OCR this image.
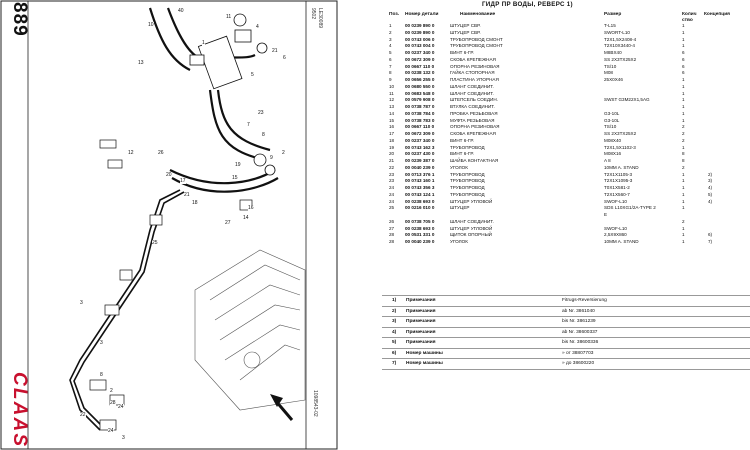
889	LE30089
9502
1098543-02
CLAAS
40
10
13
1
11
4
5
21
6
23
7
8
9
2
26
20
17
21
18
19
15
16
14
27
25
12
3
3
8
2
24
22
24
3
28
ГИДР ПР ВОДЫ, РЕВЕРС 1)
Поз. Номер детали	Наименование	Размер	Колич Концепция
ство
1	00 0239 890 0	ШТУЦЕР СВР.	T-L15	1
2	00 0239 890 0	ШТУЦЕР СВР.	SWORT-L10	1
3	00 0743 006 0	ТРУБОПРОВОД СМОНТ	T2X1,5X2408-4	1
4	00 0743 004 0	ТРУБОПРОВОД СМОНТ	T2X10X3440-4	1
5	00 0237 340 0	ВИНТ 6-ГР.	M8BX40	6
6	00 0672 309 0	СКОБА КРЕПЕЖНАЯ	SS 2X3TX25X2	6
7	00 0667 110 0	ОПОРНА РЕЗИНОВАЯ	TS/10	6
8	00 0238 132 0	ГАЙКА СТОПОРНАЯ	M08	6
9	00 0656 255 0	ПЛАСТИНА УПОРНАЯ	25X0X46	1
10 00 0680 550 0	ШЛАНГ СОЕДИНИТ.	1
11 00 0683 548 0	ШЛАНГ СОЕДИНИТ.	1
12 00 0579 908 0	ШТЕПСЕЛЬ СОЕДИН.	SWST G3M22X1,5AG	1
13 00 0738 787 0	ВТУЛКА СОЕДИНИТ.	1
14 00 0738 784 0	ПРОБКА РЕЗЬБОВАЯ	G3-10L	1
15 00 0738 783 0	МУФТА РЕЗЬБОВАЯ	G3-10L	1
16 00 0667 110 0	ОПОРНА РЕЗИНОВАЯ	TS/10	2
17 00 0672 309 0	СКОБА КРЕПЕЖНАЯ	SS 2X3TX25X2	2
18 00 0237 340 0	ВИНТ 6-ГР.	M08X40	2
19 00 0743 162 3	ТРУБОПРОВОД	T2X1,5X1102-3	1
20 00 0237 430 0	ВИНТ 6-ГР.	M08X16	8
21 00 0239 387 0	ШАЙБА КОНТАКТНАЯ	A 8	8
22 00 0040 239 0	УГОЛОК	10MM A. STAND	2
23 00 0713 376 1	ТРУБОПРОВОД	T2X1X1105-3	1	2)
23 00 0743 160 1	ТРУБОПРОВОД	T2X1X1095-3	1	3)
24 00 0743 356 3	ТРУБОПРОВОД	T0X1X581-2	1	4)
24 00 0743 124 1	ТРУБОПРОВОД	T2X1X560-7	1	5)
24 00 0238 693 0	ШТУЦЕР УГЛОВОЙ	SWOF-L10	1	4)
25 00 0216 010 0	ШТУЦЕР	SDS L10XG1/2A-TYPE 2	1
E
26 00 0738 705 0	ШЛАНГ СОЕДИНИТ.	2
27 00 0238 693 0	ШТУЦЕР УГЛОВОЙ	SWOF-L10	1
28 00 0531 331 0	ЩИТОК ОПОРНЫЙ	2,5X9X860	1	6)
28 00 0040 239 0	УГОЛОК	10MM A. STAND	1	7)
1) Примечания	Fitrugs-Reversierung
2) Примечания	ab Nr. 3861040
3) Примечания	bis Nr. 3861239
4) Примечания	ab Nr. 38600337
5) Примечания	bis Nr. 38600336
6) Номер машины	» от 38807703
7) Номер машины	» до 38600220
